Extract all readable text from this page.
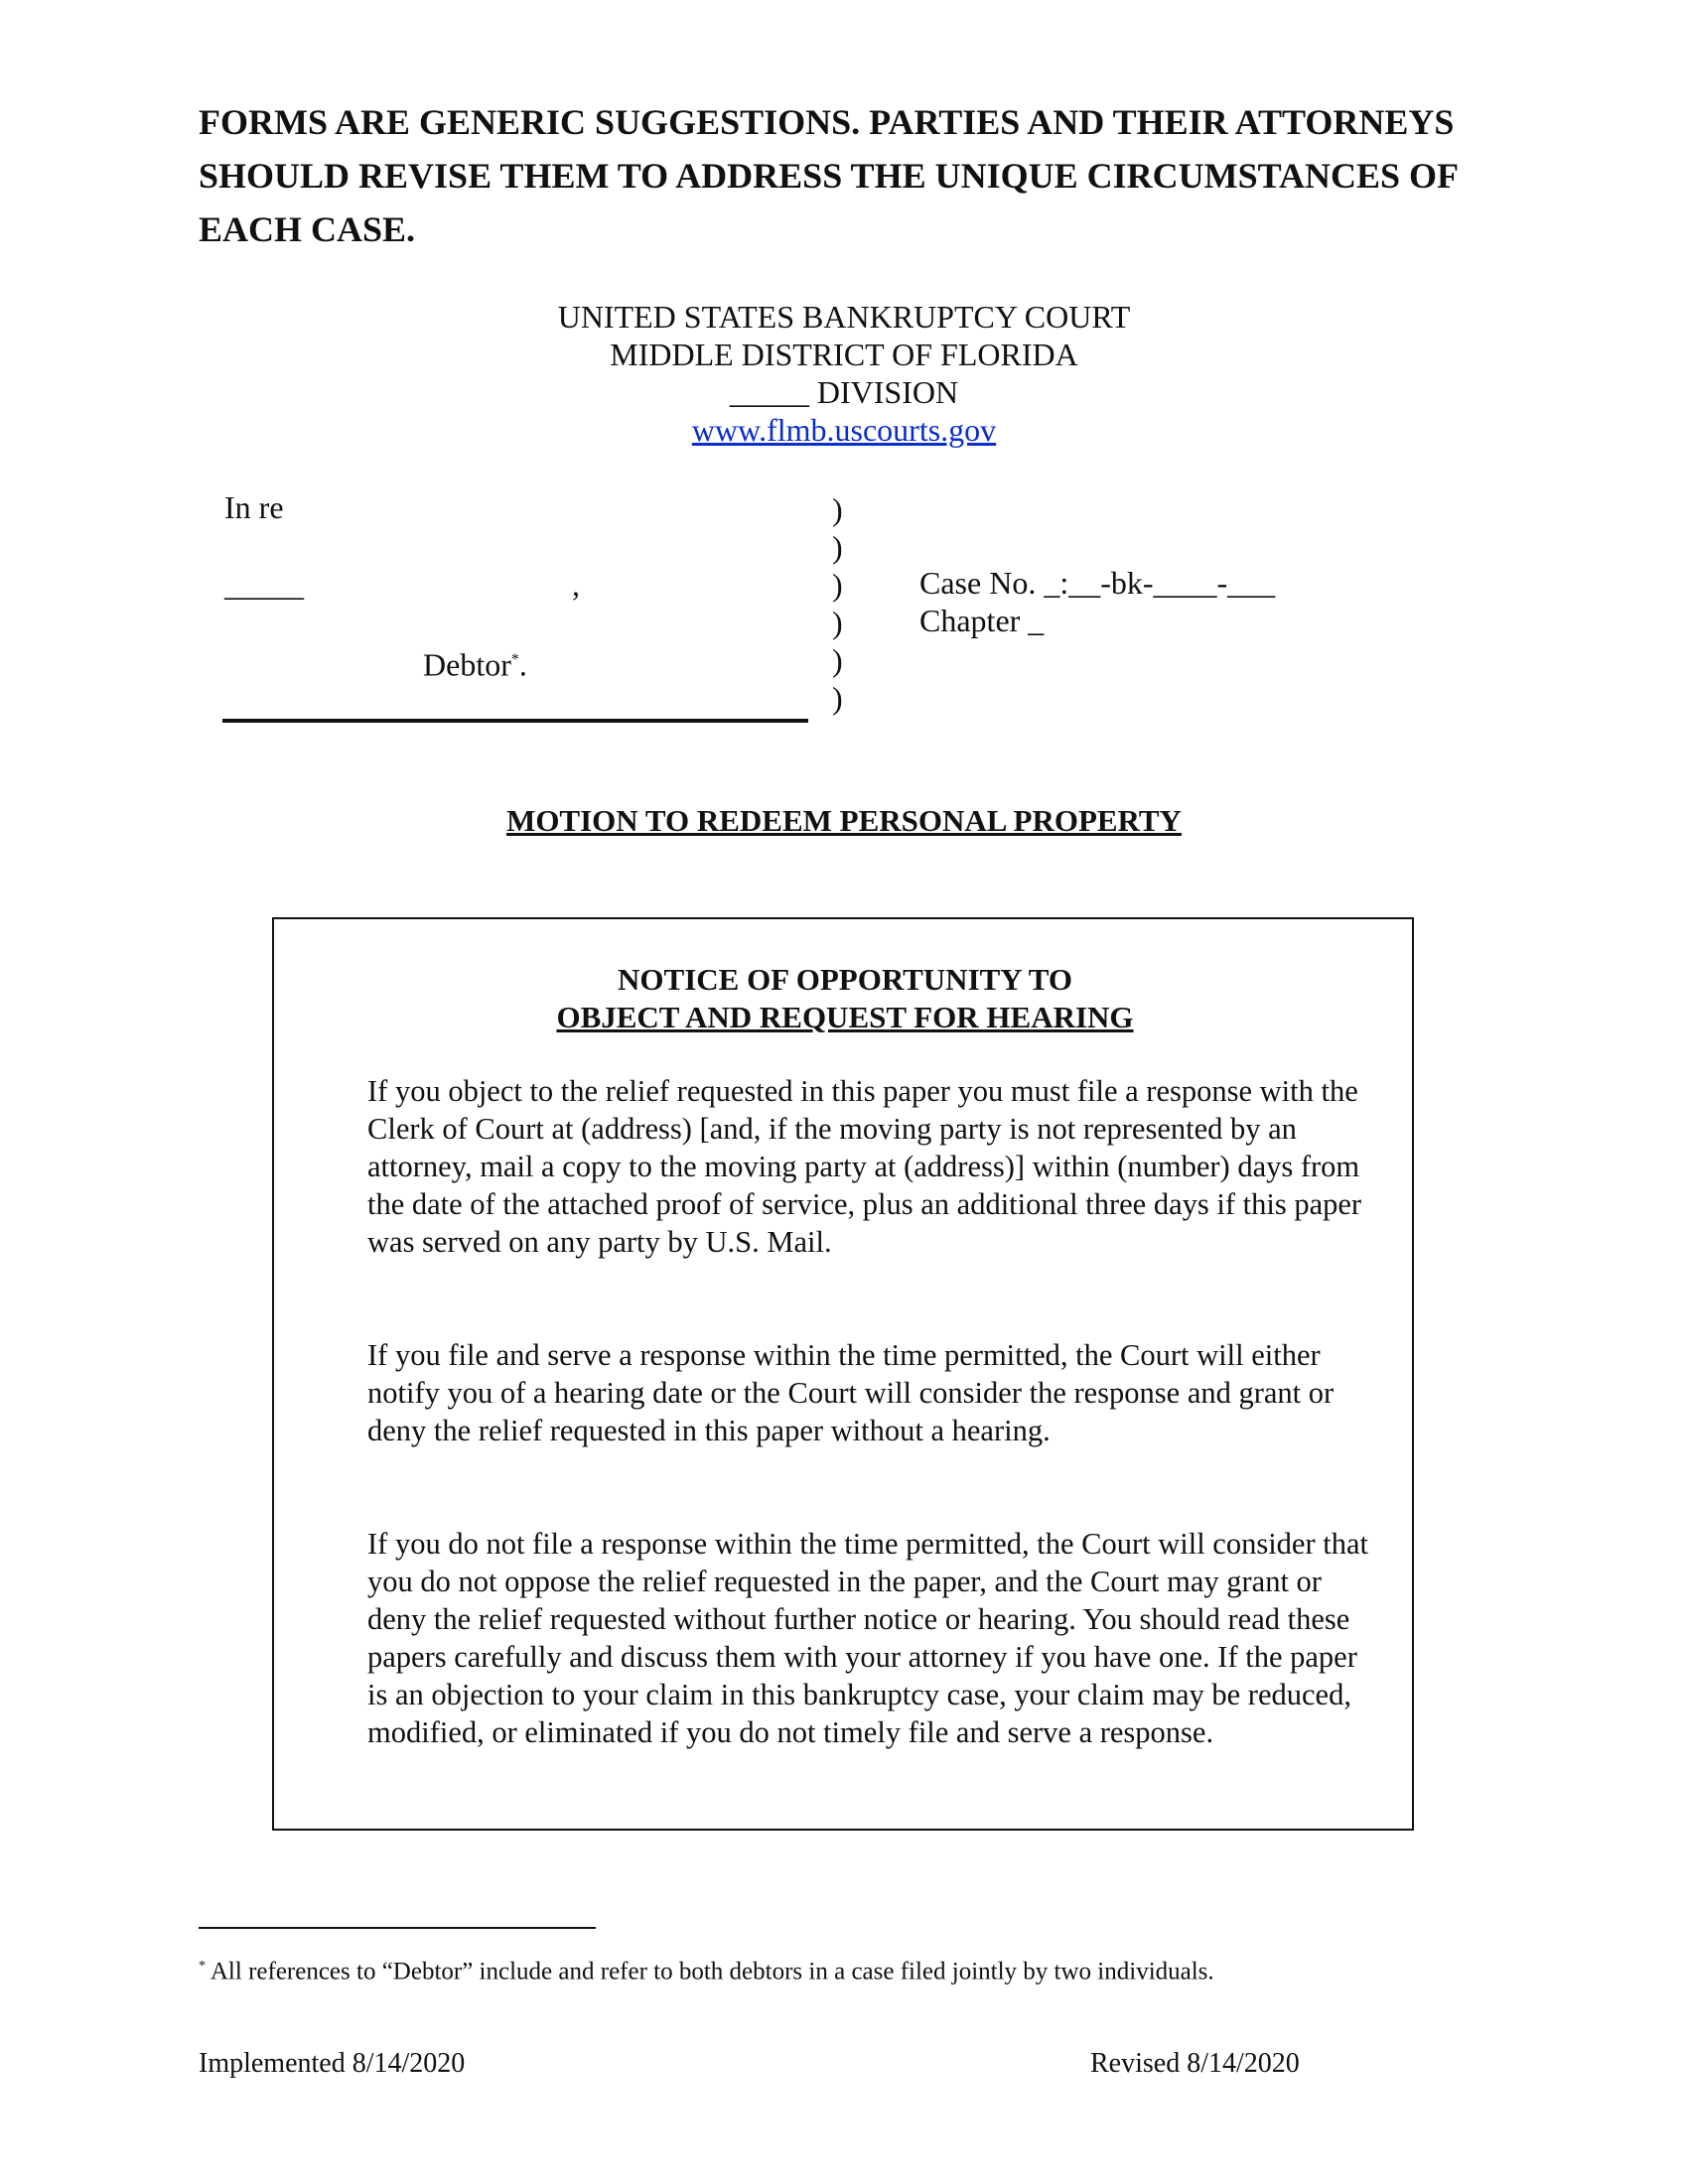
FORMS ARE GENERIC SUGGESTIONS. PARTIES AND THEIR ATTORNEYS SHOULD REVISE THEM TO ADDRESS THE UNIQUE CIRCUMSTANCES OF EACH CASE.
UNITED STATES BANKRUPTCY COURT
MIDDLE DISTRICT OF FLORIDA
_____ DIVISION
www.flmb.uscourts.gov
In re
_____	,
Debtor*.
)
)
)
)
)
)
Case No. _:__-bk-____-___
Chapter _
MOTION TO REDEEM PERSONAL PROPERTY
NOTICE OF OPPORTUNITY TO
OBJECT AND REQUEST FOR HEARING
If you object to the relief requested in this paper you must file a response with the Clerk of Court at (address) [and, if the moving party is not represented by an attorney, mail a copy to the moving party at (address)] within (number) days from the date of the attached proof of service, plus an additional three days if this paper was served on any party by U.S. Mail.
If you file and serve a response within the time permitted, the Court will either notify you of a hearing date or the Court will consider the response and grant or deny the relief requested in this paper without a hearing.
If you do not file a response within the time permitted, the Court will consider that you do not oppose the relief requested in the paper, and the Court may grant or deny the relief requested without further notice or hearing. You should read these papers carefully and discuss them with your attorney if you have one. If the paper is an objection to your claim in this bankruptcy case, your claim may be reduced, modified, or eliminated if you do not timely file and serve a response.
* All references to “Debtor” include and refer to both debtors in a case filed jointly by two individuals.
Implemented 8/14/2020	Revised 8/14/2020
